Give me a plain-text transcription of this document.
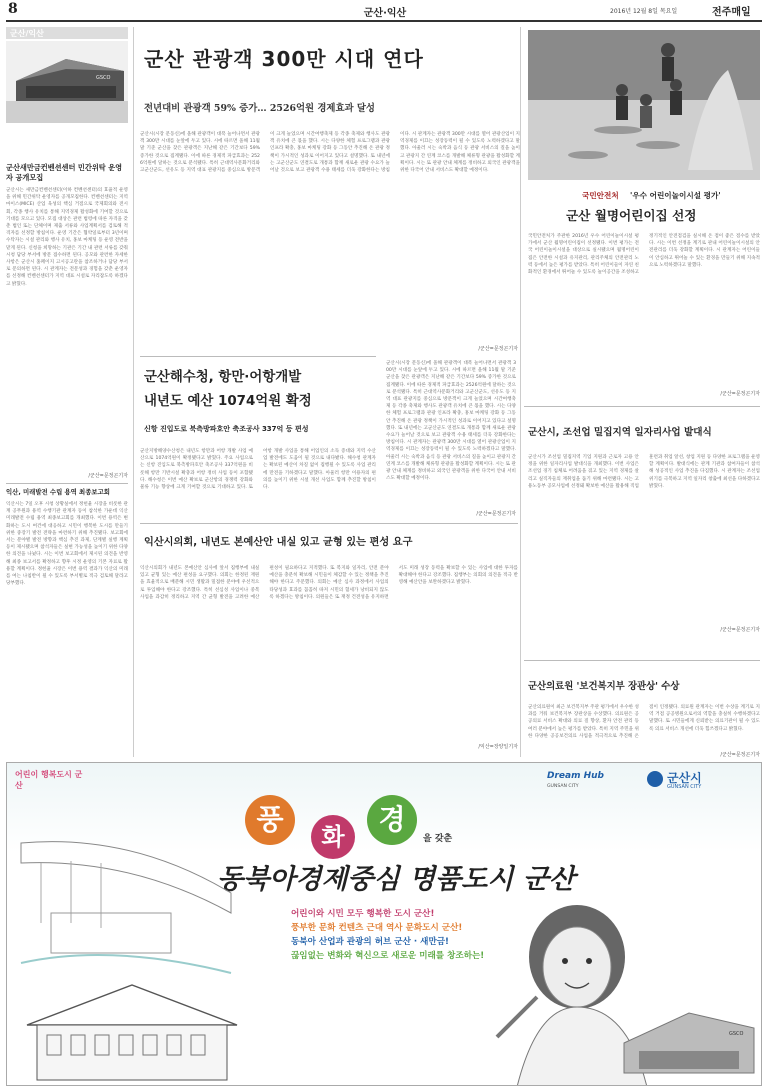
8	군산·익산	2016년 12월 8일 목요일	전주매일
군산/익산
GSCO
군산새만금컨벤션센터 민간위탁 운영자 공개모집
군산시는 새만금컨벤션센터(이하 컨벤션센터)의 효율적 운영을 위해 민간위탁 운영자를 공개모집한다. 컨벤션센터는 지역 마이스(MICE) 산업 육성의 핵심 거점으로 국제회의와 전시회, 각종 행사 유치를 통해 지역경제 활성화에 기여할 것으로 기대를 모으고 있다. 모집 대상은 관련 법령에 따른 자격을 갖춘 법인 또는 단체이며 제출 서류와 사업계획서를 검토해 적격자를 선정할 방침이다. 운영 기간은 협약일로부터 3년이며 수탁자는 시설 관리와 행사 유치, 홍보 마케팅 등 운영 전반을 맡게 된다. 신청을 희망하는 기관은 기간 내 관련 서류를 갖춰 시청 담당 부서에 방문 접수하면 된다. 공모와 관련한 자세한 사항은 군산시 홈페이지 고시공고란을 참조하거나 담당 부서로 문의하면 된다. 시 관계자는 전문성과 경험을 갖춘 운영자를 선정해 컨벤션센터가 지역 대표 시설로 자리잡도록 하겠다고 밝혔다.
/군산=문정곤기자
익산, 미래발전 수립 용역 최종보고회
익산시는 7일 오후 시청 상황실에서 정헌율 시장을 비롯한 관계 공무원과 용역 수행기관 관계자 등이 참석한 가운데 익산 미래발전 수립 용역 최종보고회를 개최했다. 이번 용역은 변화하는 도시 여건에 대응하고 시민이 행복한 도시를 만들기 위한 중장기 발전 전략을 마련하기 위해 추진됐다. 보고회에서는 분야별 발전 방향과 핵심 추진 과제, 단계별 실행 계획 등이 제시됐으며 참석자들은 실현 가능성을 높이기 위한 다양한 의견을 나눴다. 시는 이번 보고회에서 제시된 의견을 반영해 최종 보고서를 확정하고 향후 시정 운영의 기본 자료로 활용할 계획이다. 정헌율 시장은 이번 용역 결과가 익산의 미래를 여는 나침반이 될 수 있도록 부서별로 적극 검토해 달라고 당부했다.
군산 관광객 300만 시대 연다
전년대비 관광객 59% 증가… 2526억원 경제효과 달성
군산시(시장 문동신)에 올해 관광객이 대폭 늘어나면서 관광객 300만 시대를 눈앞에 두고 있다. 시에 따르면 올해 11월 말 기준 군산을 찾은 관광객은 지난해 같은 기간보다 59% 증가한 것으로 집계됐다. 이에 따른 경제적 파급효과는 2526억원에 달하는 것으로 분석됐다. 특히 근대역사문화거리와 고군산군도, 선유도 등 지역 대표 관광지를 중심으로 방문객이 크게 늘었으며 시간여행축제 등 각종 축제와 행사도 관광객 유치에 큰 몫을 했다. 시는 다양한 체험 프로그램과 관광 인프라 확충, 홍보 마케팅 강화 등 그동안 추진해 온 관광 정책이 가시적인 성과로 이어지고 있다고 설명했다. 또 내년에는 고군산군도 연결도로 개통과 함께 새로운 관광 수요가 늘어날 것으로 보고 관광객 수용 태세를 더욱 강화한다는 방침이다. 시 관계자는 관광객 300만 시대를 열어 관광산업이 지역경제를 이끄는 성장동력이 될 수 있도록 노력하겠다고 말했다. 아울러 시는 숙박과 음식 등 관광 서비스의 질을 높이고 관광지 간 연계 코스를 개발해 체류형 관광을 활성화할 계획이다. 시는 또 관광 안내 체계를 정비하고 외국인 관광객을 위한 다국어 안내 서비스도 확대할 예정이다.
/군산=문정곤기자
국민안전처 '우수 어린이놀이시설 평가'
군산 월명어린이집 선정
국민안전처가 주관한 2016년 우수 어린이놀이시설 평가에서 군산 월명어린이집이 선정됐다. 이번 평가는 전국 어린이놀이시설을 대상으로 실시됐으며 월명어린이집은 안전한 시설과 유지관리, 관리주체의 안전관리 노력 등에서 높은 평가를 받았다. 특히 어린이들이 자연 친화적인 환경에서 뛰어놀 수 있도록 놀이공간을 조성하고 정기적인 안전점검을 실시해 온 점이 좋은 점수를 받았다. 시는 이번 선정을 계기로 관내 어린이놀이시설의 안전관리를 더욱 강화할 계획이다. 시 관계자는 어린이들이 안심하고 뛰어놀 수 있는 환경을 만들기 위해 지속적으로 노력하겠다고 말했다.
/군산=문정곤기자
군산해수청, 항만·어항개발
내년도 예산 1074억원 확정
신항 진입도로 북측방파호안 축조공사 337억 등 편성
군산지방해양수산청은 내년도 항만과 어항 개발 사업 예산으로 1074억원이 확정됐다고 밝혔다. 주요 사업으로는 신항 진입도로 북측방파호안 축조공사 337억원을 비롯해 항만 기반시설 확충과 어항 정비 사업 등이 포함됐다. 해수청은 이번 예산 확보로 군산항의 경쟁력 강화와 물류 기능 향상에 크게 기여할 것으로 기대하고 있다. 또 어항 개발 사업을 통해 어업인의 소득 증대와 지역 수산업 발전에도 도움이 될 것으로 내다봤다. 해수청 관계자는 확보된 예산이 차질 없이 집행될 수 있도록 사업 관리에 만전을 기하겠다고 말했다. 아울러 항만 이용자의 편의를 높이기 위한 시설 개선 사업도 함께 추진할 방침이다.
군산시(시장 문동신)에 올해 관광객이 대폭 늘어나면서 관광객 300만 시대를 눈앞에 두고 있다. 시에 따르면 올해 11월 말 기준 군산을 찾은 관광객은 지난해 같은 기간보다 59% 증가한 것으로 집계됐다. 이에 따른 경제적 파급효과는 2526억원에 달하는 것으로 분석됐다. 특히 근대역사문화거리와 고군산군도, 선유도 등 지역 대표 관광지를 중심으로 방문객이 크게 늘었으며 시간여행축제 등 각종 축제와 행사도 관광객 유치에 큰 몫을 했다. 시는 다양한 체험 프로그램과 관광 인프라 확충, 홍보 마케팅 강화 등 그동안 추진해 온 관광 정책이 가시적인 성과로 이어지고 있다고 설명했다. 또 내년에는 고군산군도 연결도로 개통과 함께 새로운 관광 수요가 늘어날 것으로 보고 관광객 수용 태세를 더욱 강화한다는 방침이다. 시 관계자는 관광객 300만 시대를 열어 관광산업이 지역경제를 이끄는 성장동력이 될 수 있도록 노력하겠다고 말했다. 아울러 시는 숙박과 음식 등 관광 서비스의 질을 높이고 관광지 간 연계 코스를 개발해 체류형 관광을 활성화할 계획이다. 시는 또 관광 안내 체계를 정비하고 외국인 관광객을 위한 다국어 안내 서비스도 확대할 예정이다.
/군산=문정곤기자
군산시, 조선업 밀집지역 일자리사업 발대식
군산시가 조선업 밀집지역 기업 지원과 근로자 고용 안정을 위한 일자리사업 발대식을 개최했다. 이번 사업은 조선업 경기 침체로 어려움을 겪고 있는 지역 경제를 살리고 실직자들의 재취업을 돕기 위해 마련됐다. 시는 고용노동부 공모사업에 선정돼 확보한 예산을 활용해 직업훈련과 취업 알선, 창업 지원 등 다양한 프로그램을 운영할 계획이다. 발대식에는 관계 기관과 참여자들이 참석해 성공적인 사업 추진을 다짐했다. 시 관계자는 조선업 위기를 극복하고 지역 일자리 창출에 최선을 다하겠다고 밝혔다.
/군산=문정곤기자
익산시의회, 내년도 본예산안 내실 있고 균형 있는 편성 요구
익산시의회가 내년도 본예산안 심사에 앞서 집행부에 내실 있고 균형 있는 예산 편성을 요구했다. 의회는 한정된 재원을 효율적으로 배분해 시민 생활과 밀접한 분야에 우선적으로 투입해야 한다고 강조했다. 특히 선심성 사업이나 중복 사업을 과감히 정리하고 지역 간 균형 발전을 고려한 예산 편성이 필요하다고 지적했다. 또 복지와 일자리, 안전 분야 예산을 충분히 확보해 시민들이 체감할 수 있는 정책을 추진해야 한다고 주문했다. 의회는 예산 심사 과정에서 사업의 타당성과 효과를 꼼꼼히 따져 시민의 혈세가 낭비되지 않도록 하겠다는 방침이다. 의원들은 또 재정 건전성을 유지하면서도 미래 성장 동력을 확보할 수 있는 사업에 대한 투자를 확대해야 한다고 강조했다. 집행부는 의회의 의견을 적극 반영해 예산안을 보완하겠다고 밝혔다.
/익산=장양일기자
군산의료원 '보건복지부 장관상' 수상
군산의료원이 최근 보건복지부 주관 평가에서 우수한 성과를 거둬 보건복지부 장관상을 수상했다. 의료원은 공공의료 서비스 확대와 의료 질 향상, 환자 안전 관리 등 여러 분야에서 높은 평가를 받았다. 특히 지역 주민을 위한 다양한 공공보건의료 사업을 적극적으로 추진해 온 점이 인정됐다. 의료원 관계자는 이번 수상을 계기로 지역 거점 공공병원으로서의 역할을 충실히 수행하겠다고 말했다. 또 시민들에게 신뢰받는 의료기관이 될 수 있도록 의료 서비스 개선에 더욱 힘쓰겠다고 밝혔다.
/군산=문정곤기자
어린이 행복도시 군산
Dream Hub
GUNSAN CITY
군산시
GUNSAN CITY
풍
화
경
을 갖춘
동북아경제중심 명품도시 군산
어린이와 시민 모두 행복한 도시 군산!
풍부한 문화 컨텐츠 근대 역사 문화도시 군산!
동북아 산업과 관광의 허브 군산 · 새만금!
끊임없는 변화와 혁신으로 새로운 미래를 창조하는!
GSCO
